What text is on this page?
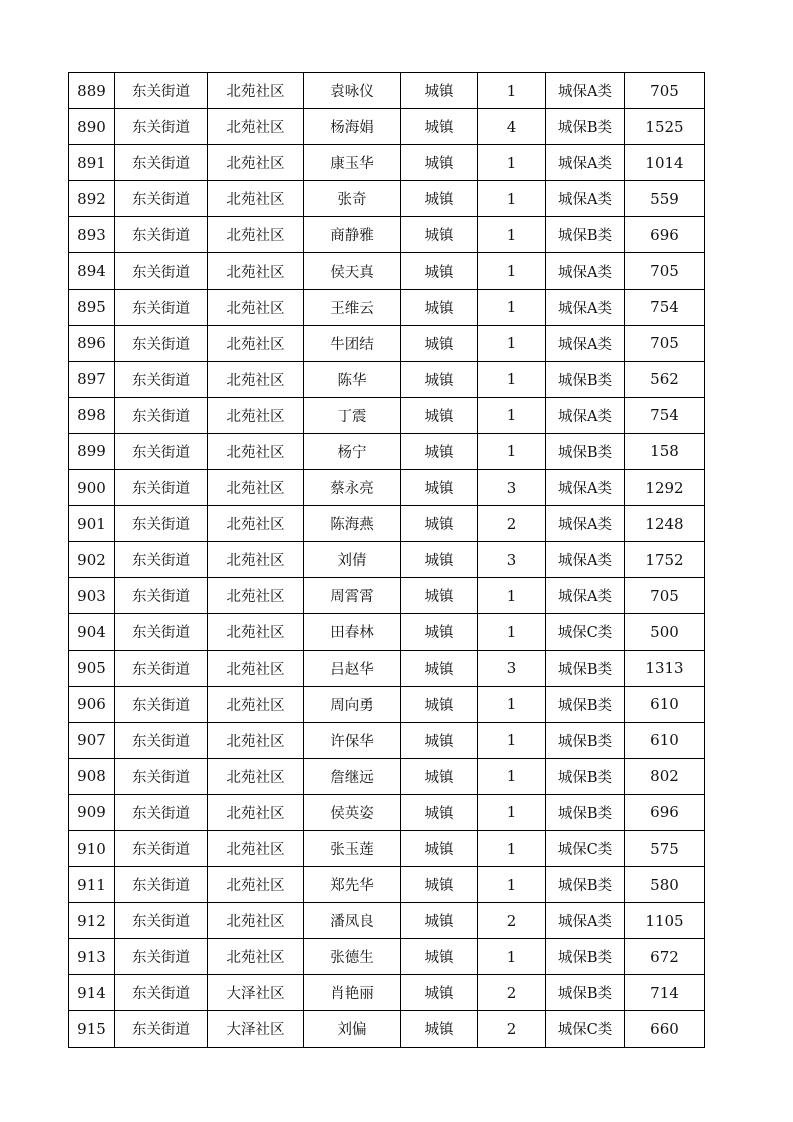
889	东关街道	北苑社区	袁咏仪	城镇	1	城保A类	705
890	东关街道	北苑社区	杨海娟	城镇	4	城保B类	1525
891	东关街道	北苑社区	康玉华	城镇	1	城保A类	1014
892	东关街道	北苑社区	张奇	城镇	1	城保A类	559
893	东关街道	北苑社区	商静雅	城镇	1	城保B类	696
894	东关街道	北苑社区	侯天真	城镇	1	城保A类	705
895	东关街道	北苑社区	王维云	城镇	1	城保A类	754
896	东关街道	北苑社区	牛团结	城镇	1	城保A类	705
897	东关街道	北苑社区	陈华	城镇	1	城保B类	562
898	东关街道	北苑社区	丁震	城镇	1	城保A类	754
899	东关街道	北苑社区	杨宁	城镇	1	城保B类	158
900	东关街道	北苑社区	蔡永亮	城镇	3	城保A类	1292
901	东关街道	北苑社区	陈海燕	城镇	2	城保A类	1248
902	东关街道	北苑社区	刘倩	城镇	3	城保A类	1752
903	东关街道	北苑社区	周霄霄	城镇	1	城保A类	705
904	东关街道	北苑社区	田春林	城镇	1	城保C类	500
905	东关街道	北苑社区	吕赵华	城镇	3	城保B类	1313
906	东关街道	北苑社区	周向勇	城镇	1	城保B类	610
907	东关街道	北苑社区	许保华	城镇	1	城保B类	610
908	东关街道	北苑社区	詹继远	城镇	1	城保B类	802
909	东关街道	北苑社区	侯英姿	城镇	1	城保B类	696
910	东关街道	北苑社区	张玉莲	城镇	1	城保C类	575
911	东关街道	北苑社区	郑先华	城镇	1	城保B类	580
912	东关街道	北苑社区	潘凤良	城镇	2	城保A类	1105
913	东关街道	北苑社区	张德生	城镇	1	城保B类	672
914	东关街道	大泽社区	肖艳丽	城镇	2	城保B类	714
915	东关街道	大泽社区	刘偏	城镇	2	城保C类	660
